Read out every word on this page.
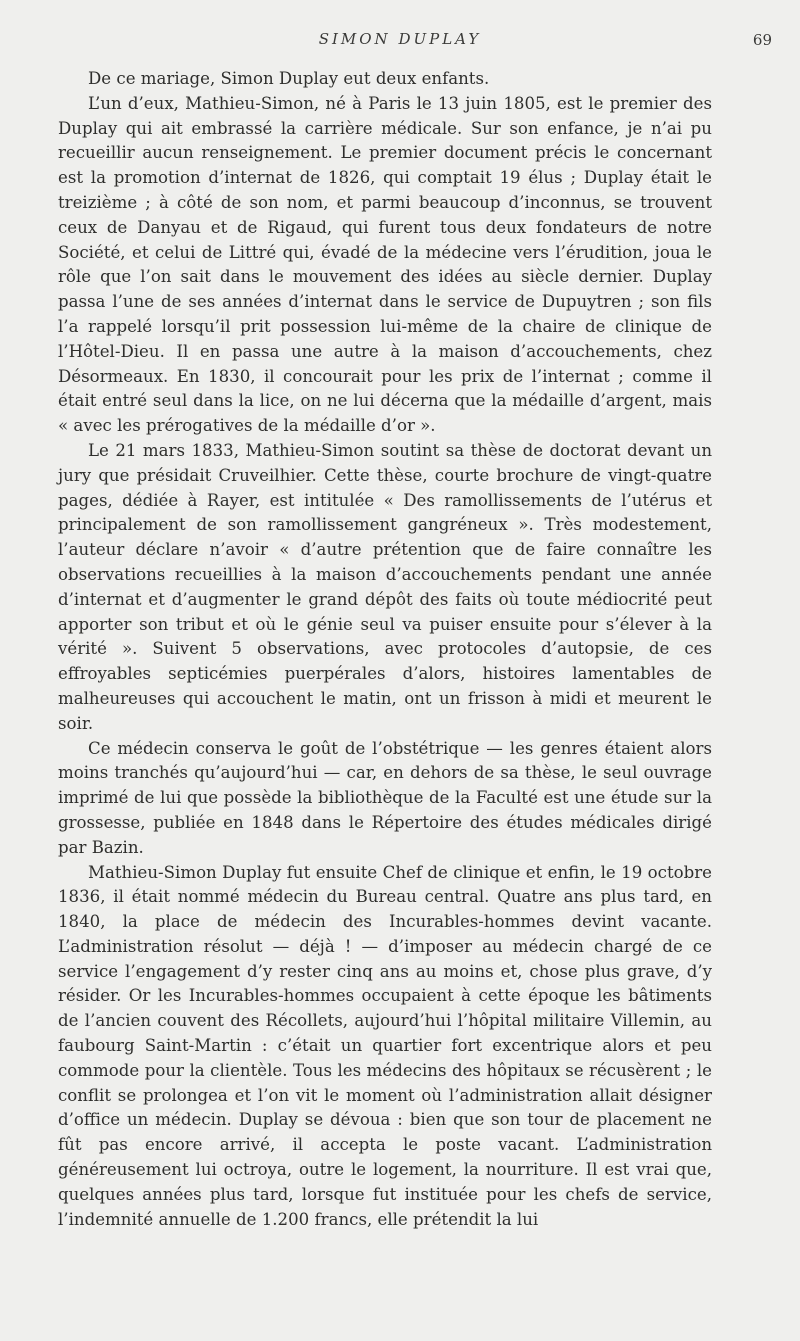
SIMON DUPLAY	69

De ce mariage, Simon Duplay eut deux enfants.

L’un d’eux, Mathieu-Simon, né à Paris le 13 juin 1805, est le premier des Duplay qui ait embrassé la carrière médicale. Sur son enfance, je n’ai pu recueillir aucun renseignement. Le premier document précis le concernant est la promotion d’internat de 1826, qui comptait 19 élus ; Duplay était le treizième ; à côté de son nom, et parmi beaucoup d’inconnus, se trouvent ceux de Danyau et de Rigaud, qui furent tous deux fondateurs de notre Société, et celui de Littré qui, évadé de la médecine vers l’érudition, joua le rôle que l’on sait dans le mouvement des idées au siècle dernier. Duplay passa l’une de ses années d’internat dans le service de Dupuytren ; son fils l’a rappelé lorsqu’il prit possession lui-même de la chaire de clinique de l’Hôtel-Dieu. Il en passa une autre à la maison d’accouchements, chez Désormeaux. En 1830, il concourait pour les prix de l’internat ; comme il était entré seul dans la lice, on ne lui décerna que la médaille d’argent, mais « avec les prérogatives de la médaille d’or ».

Le 21 mars 1833, Mathieu-Simon soutint sa thèse de doctorat devant un jury que présidait Cruveilhier. Cette thèse, courte brochure de vingt-quatre pages, dédiée à Rayer, est intitulée « Des ramollissements de l’utérus et principalement de son ramollissement gangréneux ». Très modestement, l’auteur déclare n’avoir « d’autre prétention que de faire connaître les observations recueillies à la maison d’accouchements pendant une année d’internat et d’augmenter le grand dépôt des faits où toute médiocrité peut apporter son tribut et où le génie seul va puiser ensuite pour s’élever à la vérité ». Suivent 5 observations, avec protocoles d’autopsie, de ces effroyables septicémies puerpérales d’alors, histoires lamentables de malheureuses qui accouchent le matin, ont un frisson à midi et meurent le soir.

Ce médecin conserva le goût de l’obstétrique — les genres étaient alors moins tranchés qu’aujourd’hui — car, en dehors de sa thèse, le seul ouvrage imprimé de lui que possède la bibliothèque de la Faculté est une étude sur la grossesse, publiée en 1848 dans le Répertoire des études médicales dirigé par Bazin.

Mathieu-Simon Duplay fut ensuite Chef de clinique et enfin, le 19 octobre 1836, il était nommé médecin du Bureau central. Quatre ans plus tard, en 1840, la place de médecin des Incurables-hommes devint vacante. L’administration résolut — déjà ! — d’imposer au médecin chargé de ce service l’engagement d’y rester cinq ans au moins et, chose plus grave, d’y résider. Or les Incurables-hommes occupaient à cette époque les bâtiments de l’ancien couvent des Récollets, aujourd’hui l’hôpital militaire Villemin, au faubourg Saint-Martin : c’était un quartier fort excentrique alors et peu commode pour la clientèle. Tous les médecins des hôpitaux se récusèrent ; le conflit se prolongea et l’on vit le moment où l’administration allait désigner d’office un médecin. Duplay se dévoua : bien que son tour de placement ne fût pas encore arrivé, il accepta le poste vacant. L’administration généreusement lui octroya, outre le logement, la nourriture. Il est vrai que, quelques années plus tard, lorsque fut instituée pour les chefs de service, l’indemnité annuelle de 1.200 francs, elle prétendit la lui
